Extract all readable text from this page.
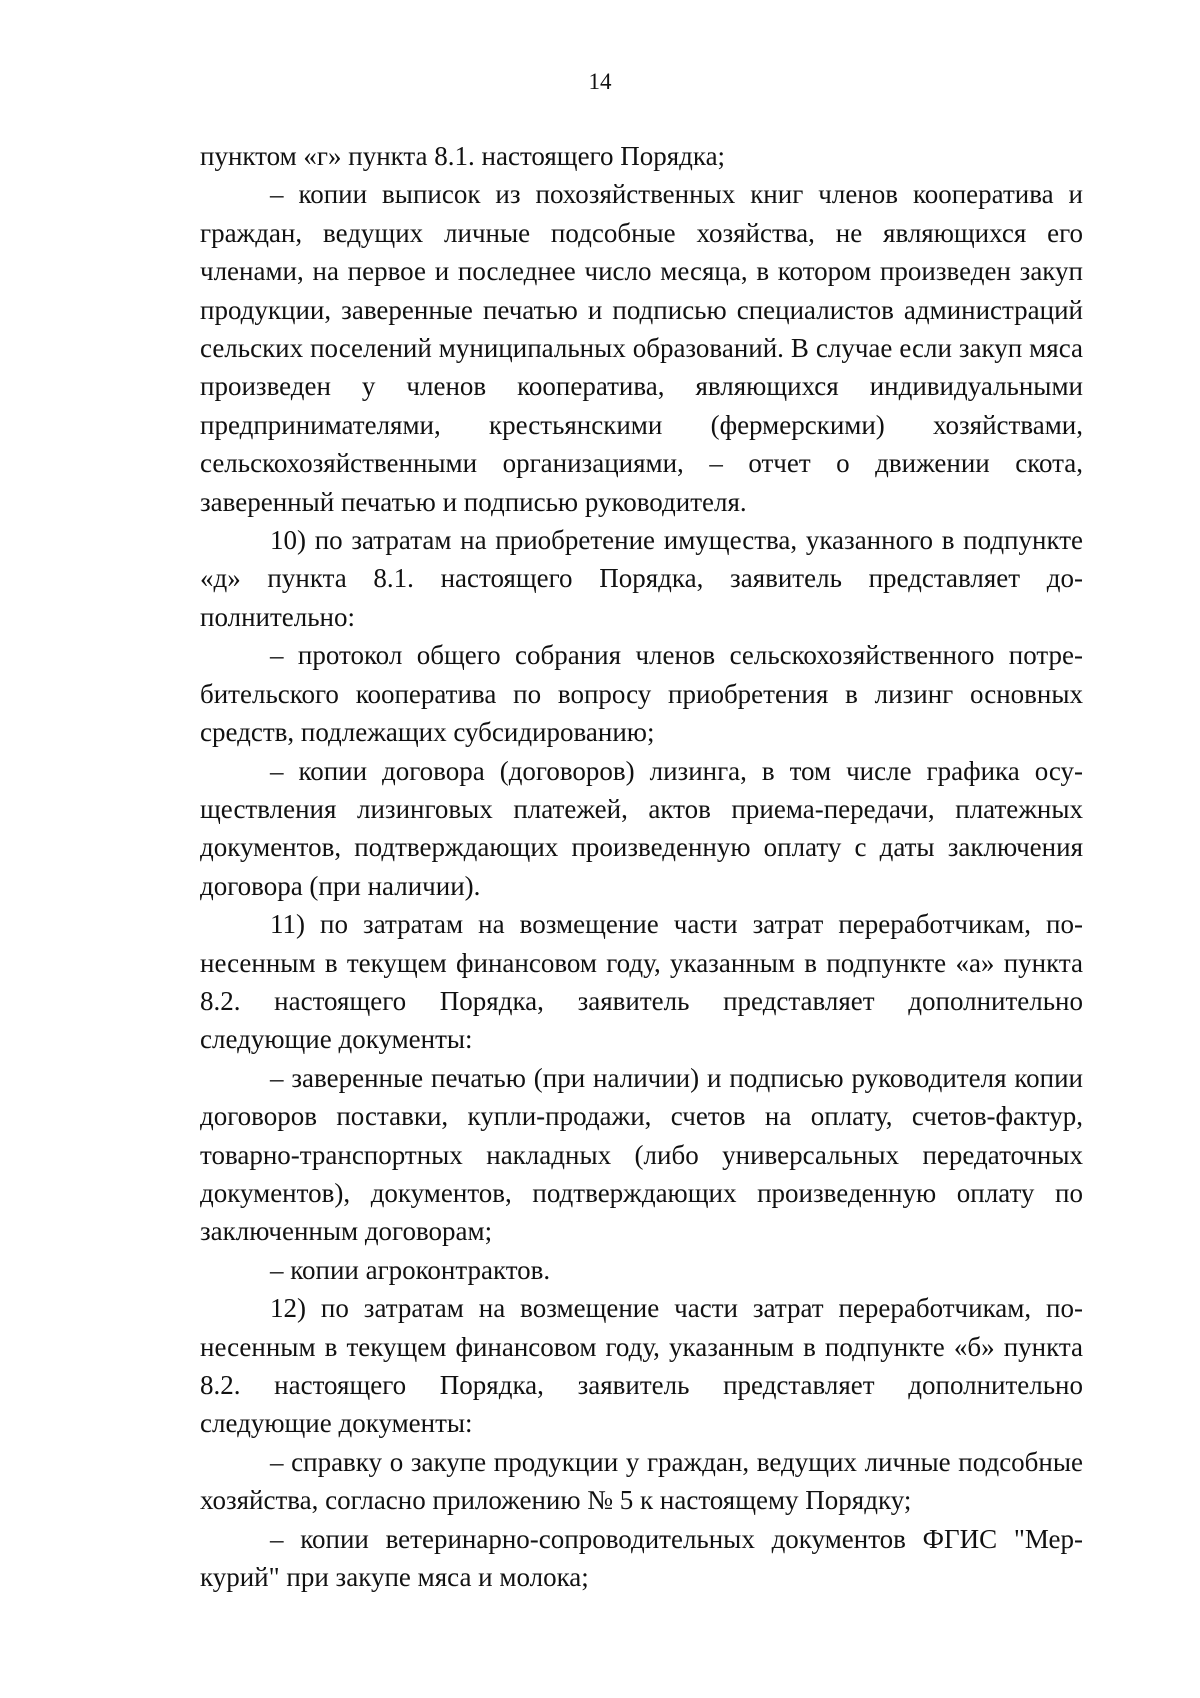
14

пунктом «г» пункта 8.1. настоящего Порядка;

– копии выписок из похозяйственных книг членов кооператива и граждан, ведущих личные подсобные хозяйства, не являющихся его членами, на первое и последнее число месяца, в котором произведен закуп продукции, заверенные печатью и подписью специалистов администраций сельских поселений муниципальных образований. В случае если закуп мяса произведен у членов кооператива, являющихся индивидуальными предпринимателями, крестьянскими (фермерскими) хозяйствами, сельскохозяйственными организациями, – отчет о движении скота, заверенный печатью и подписью руководителя.

10) по затратам на приобретение имущества, указанного в подпункте «д» пункта 8.1. настоящего Порядка, заявитель представляет дополнительно:

– протокол общего собрания членов сельскохозяйственного потребительского кооператива по вопросу приобретения в лизинг основных средств, подлежащих субсидированию;

– копии договора (договоров) лизинга, в том числе графика осуществления лизинговых платежей, актов приема-передачи, платежных документов, подтверждающих произведенную оплату с даты заключения договора (при наличии).

11) по затратам на возмещение части затрат переработчикам, понесенным в текущем финансовом году, указанным в подпункте «а» пункта 8.2. настоящего Порядка, заявитель представляет дополнительно следующие документы:

– заверенные печатью (при наличии) и подписью руководителя копии договоров поставки, купли-продажи, счетов на оплату, счетов-фактур, товарно-транспортных накладных (либо универсальных передаточных документов), документов, подтверждающих произведенную оплату по заключенным договорам;

– копии агроконтрактов.

12) по затратам на возмещение части затрат переработчикам, понесенным в текущем финансовом году, указанным в подпункте «б» пункта 8.2. настоящего Порядка, заявитель представляет дополнительно следующие документы:

– справку о закупе продукции у граждан, ведущих личные подсобные хозяйства, согласно приложению № 5 к настоящему Порядку;

– копии ветеринарно-сопроводительных документов ФГИС "Меркурий" при закупе мяса и молока;
